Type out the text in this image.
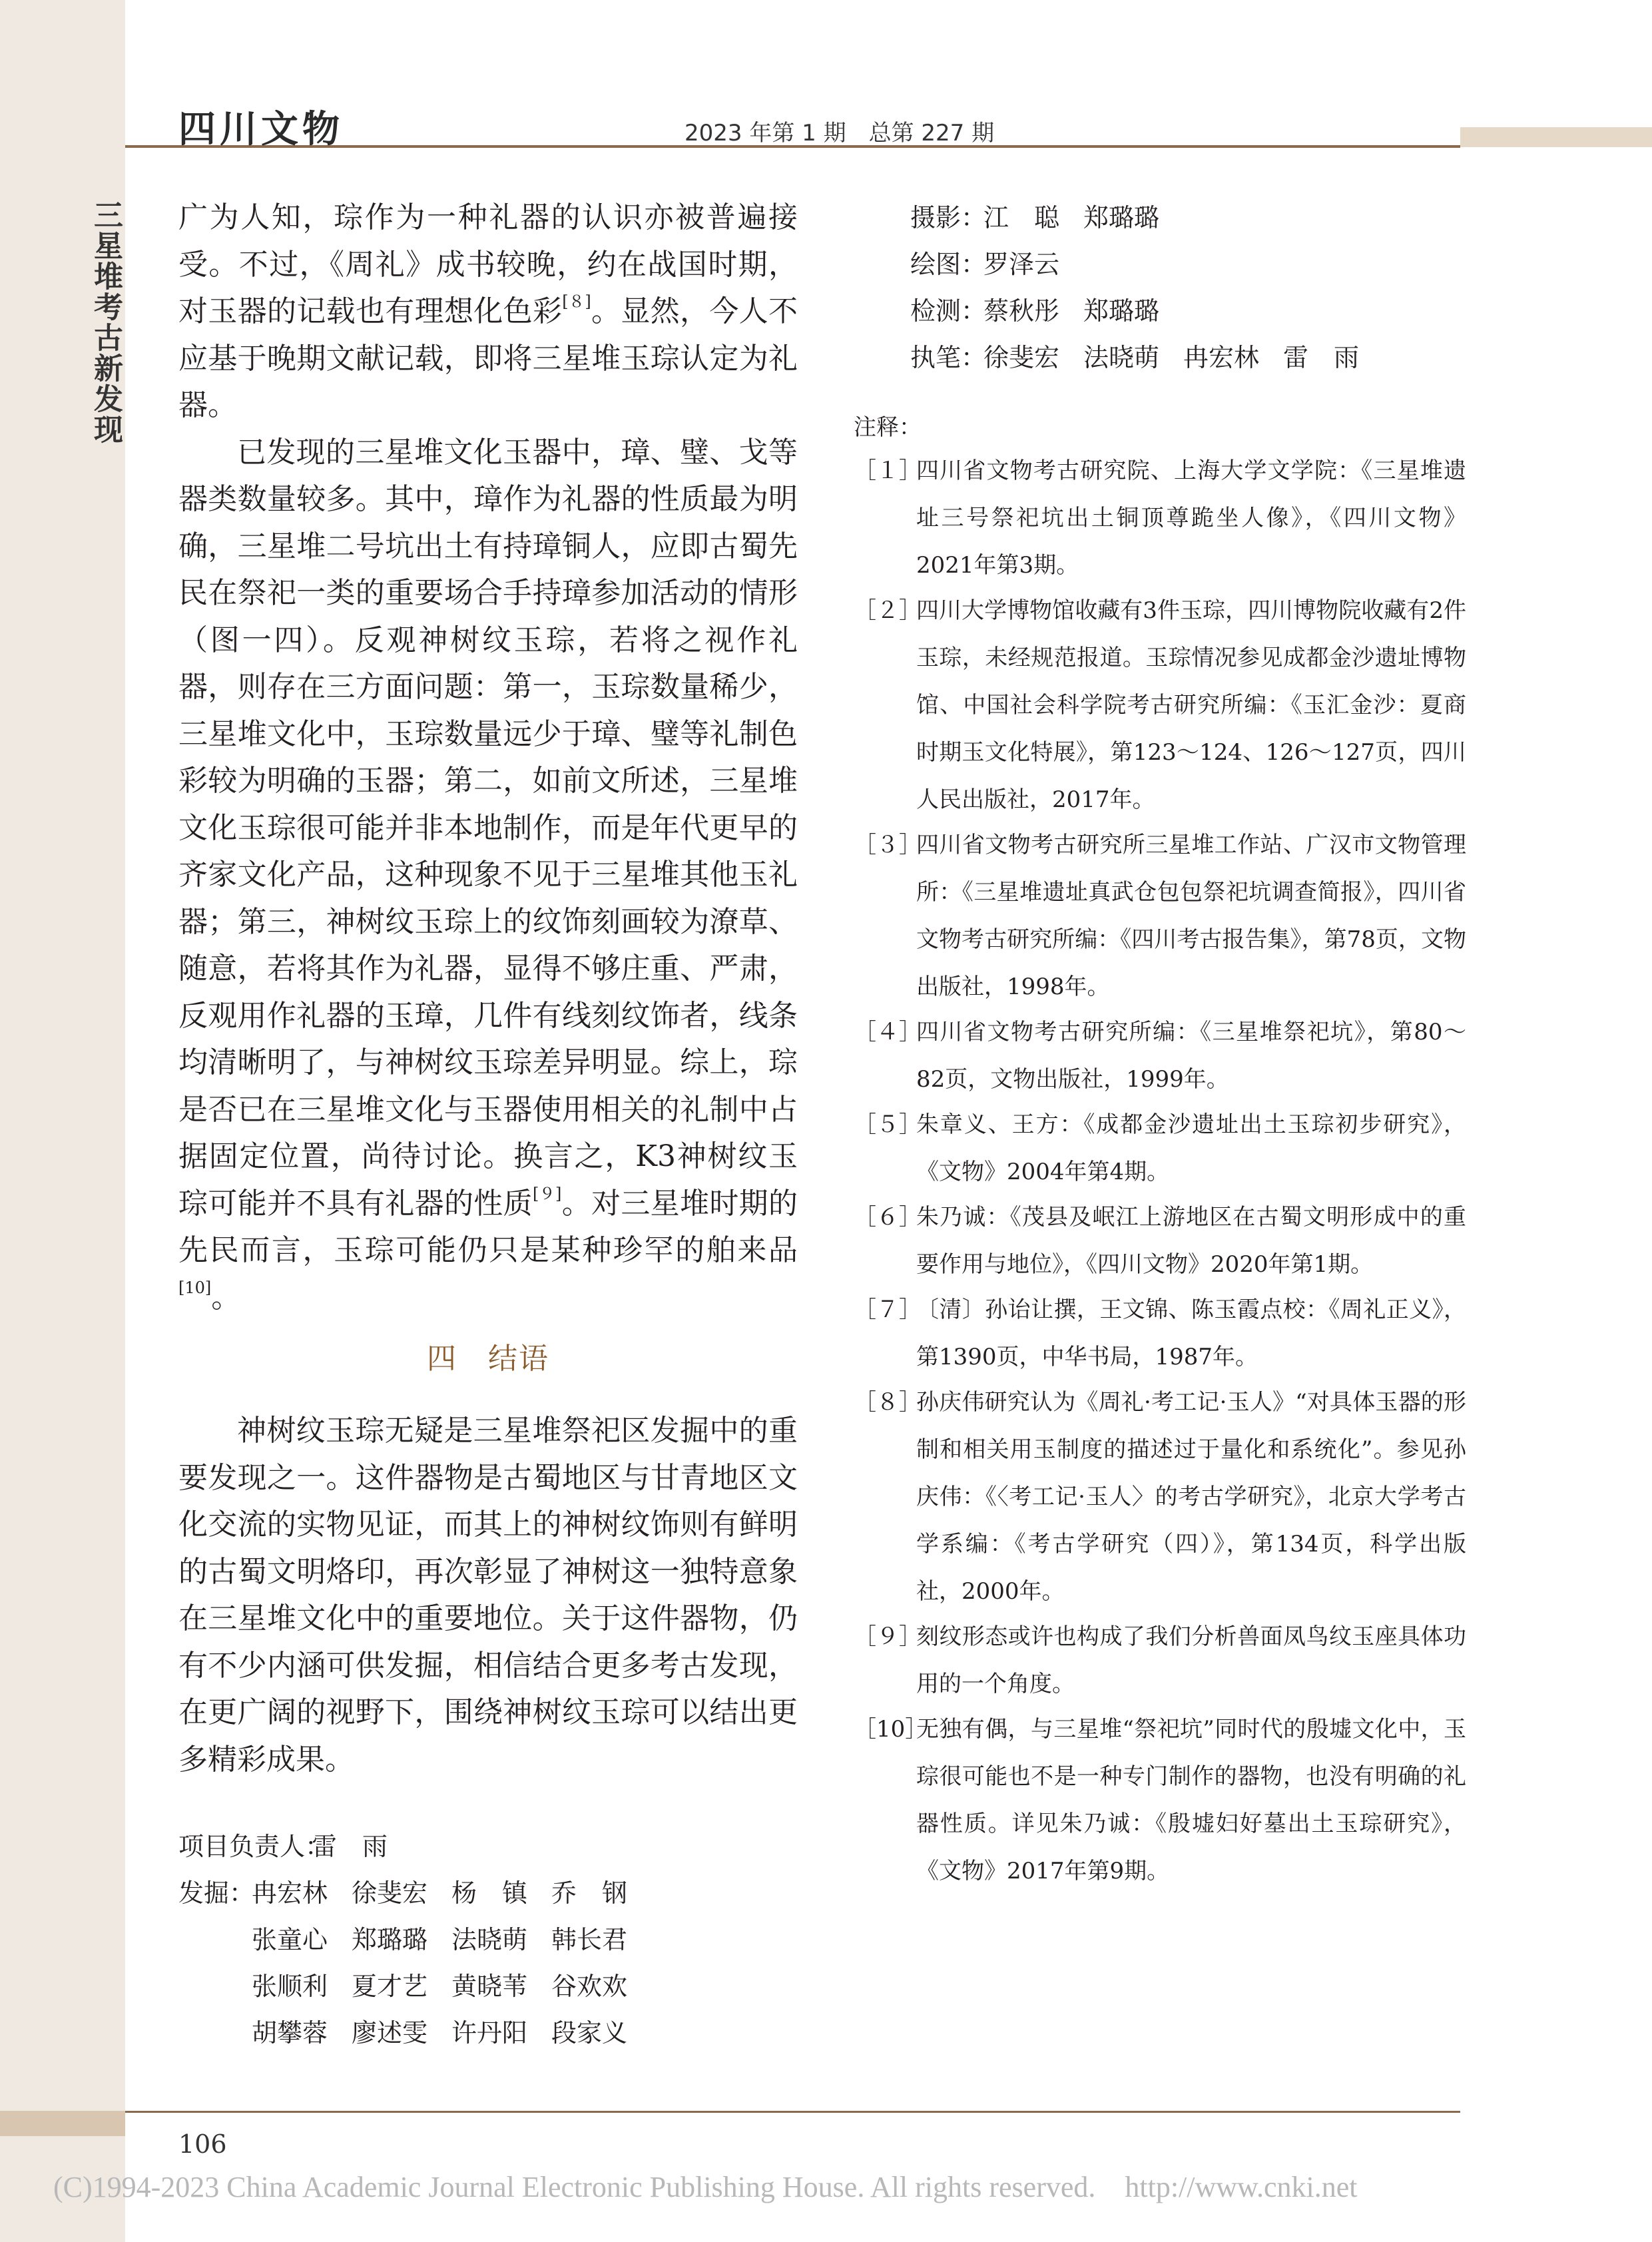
四川文物	2023 年第 1 期　总第 227 期
三星堆考古新发现 广为人知，琮作为一种礼器的认识亦被普遍接受。不过，《周礼》成书较晚，约在战国时期，对玉器的记载也有理想化色彩[８]。显然，今人不应基于晚期文献记载，即将三星堆玉琮认定为礼器。

已发现的三星堆文化玉器中，璋、璧、戈等器类数量较多。其中，璋作为礼器的性质最为明确，三星堆二号坑出土有持璋铜人，应即古蜀先民在祭祀一类的重要场合手持璋参加活动的情形（图一四）。反观神树纹玉琮，若将之视作礼器，则存在三方面问题：第一，玉琮数量稀少，三星堆文化中，玉琮数量远少于璋、璧等礼制色彩较为明确的玉器；第二，如前文所述，三星堆文化玉琮很可能并非本地制作，而是年代更早的齐家文化产品，这种现象不见于三星堆其他玉礼器；第三，神树纹玉琮上的纹饰刻画较为潦草、随意，若将其作为礼器，显得不够庄重、严肃，反观用作礼器的玉璋，几件有线刻纹饰者，线条均清晰明了，与神树纹玉琮差异明显。综上，琮是否已在三星堆文化与玉器使用相关的礼制中占据固定位置，尚待讨论。换言之，K3神树纹玉琮可能并不具有礼器的性质[９]。对三星堆时期的先民而言，玉琮可能仍只是某种珍罕的舶来品[10]。

四　结语

神树纹玉琮无疑是三星堆祭祀区发掘中的重要发现之一。这件器物是古蜀地区与甘青地区文化交流的实物见证，而其上的神树纹饰则有鲜明的古蜀文明烙印，再次彰显了神树这一独特意象在三星堆文化中的重要地位。关于这件器物，仍有不少内涵可供发掘，相信结合更多考古发现，在更广阔的视野下，围绕神树纹玉琮可以结出更多精彩成果。

项目负责人：
雷　雨
发掘：
冉宏林 徐斐宏 杨　镇 乔　钢
张童心 郑璐璐 法晓萌 韩长君
张顺利 夏才艺 黄晓苇 谷欢欢
胡攀蓉 廖述雯 许丹阳 段家义
摄影：
江　聪 郑璐璐
绘图：
罗泽云
检测：
蔡秋彤 郑璐璐
执笔：
徐斐宏 法晓萌 冉宏林 雷　雨
注释：
［１］
四川省文物考古研究院、上海大学文学院：《三星堆遗址三号祭祀坑出土铜顶尊跪坐人像》，《四川文物》2021年第3期。
［２］
四川大学博物馆收藏有3件玉琮，四川博物院收藏有2件玉琮，未经规范报道。玉琮情况参见成都金沙遗址博物馆、中国社会科学院考古研究所编：《玉汇金沙：夏商时期玉文化特展》，第123～124、126～127页，四川人民出版社，2017年。
［３］
四川省文物考古研究所三星堆工作站、广汉市文物管理所：《三星堆遗址真武仓包包祭祀坑调查简报》，四川省文物考古研究所编：《四川考古报告集》，第78页，文物出版社，1998年。
［４］
四川省文物考古研究所编：《三星堆祭祀坑》，第80～82页，文物出版社，1999年。
［５］
朱章义、王方：《成都金沙遗址出土玉琮初步研究》，《文物》2004年第4期。
［６］
朱乃诚：《茂县及岷江上游地区在古蜀文明形成中的重要作用与地位》，《四川文物》2020年第1期。
［７］
〔清〕孙诒让撰，王文锦、陈玉霞点校：《周礼正义》，第1390页，中华书局，1987年。
［８］
孙庆伟研究认为《周礼·考工记·玉人》“对具体玉器的形制和相关用玉制度的描述过于量化和系统化”。参见孙庆伟：《〈考工记·玉人〉的考古学研究》，北京大学考古学系编：《考古学研究（四）》，第134页，科学出版社，2000年。
［９］
刻纹形态或许也构成了我们分析兽面凤鸟纹玉座具体功用的一个角度。
［10］
无独有偶，与三星堆“祭祀坑”同时代的殷墟文化中，玉琮很可能也不是一种专门制作的器物，也没有明确的礼器性质。详见朱乃诚：《殷墟妇好墓出土玉琮研究》，《文物》2017年第9期。
106
(C)1994-2023 China Academic Journal Electronic Publishing House. All rights reserved.　http://www.cnki.net
